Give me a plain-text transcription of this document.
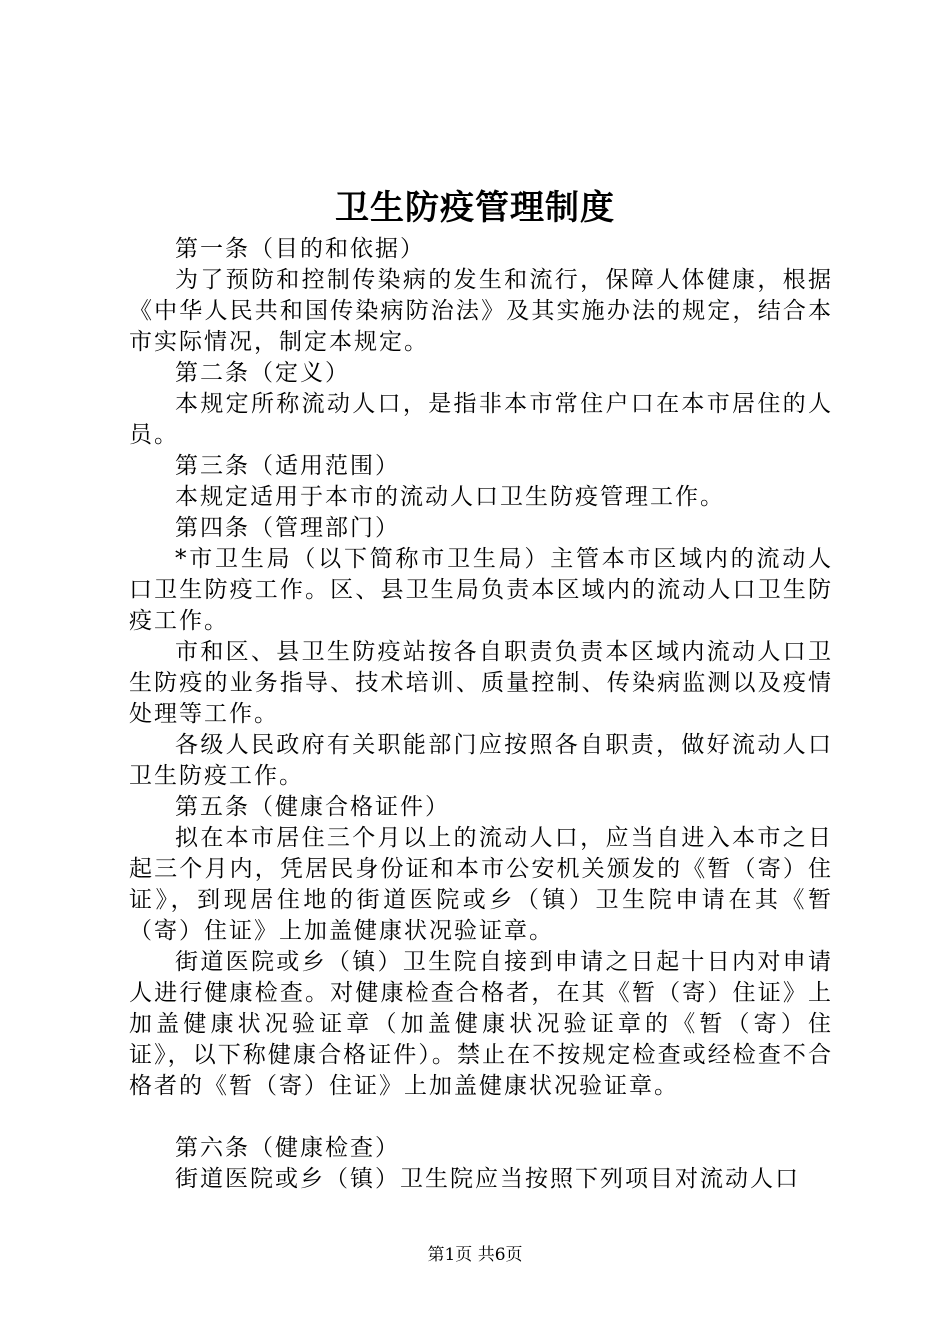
卫生防疫管理制度

第一条（目的和依据）

为了预防和控制传染病的发生和流行，保障人体健康，根据《中华人民共和国传染病防治法》及其实施办法的规定，结合本市实际情况，制定本规定。

第二条（定义）

本规定所称流动人口，是指非本市常住户口在本市居住的人员。

第三条（适用范围）

本规定适用于本市的流动人口卫生防疫管理工作。

第四条（管理部门）

*市卫生局（以下简称市卫生局）主管本市区域内的流动人口卫生防疫工作。区、县卫生局负责本区域内的流动人口卫生防疫工作。

市和区、县卫生防疫站按各自职责负责本区域内流动人口卫生防疫的业务指导、技术培训、质量控制、传染病监测以及疫情处理等工作。

各级人民政府有关职能部门应按照各自职责，做好流动人口卫生防疫工作。

第五条（健康合格证件）

拟在本市居住三个月以上的流动人口，应当自进入本市之日起三个月内，凭居民身份证和本市公安机关颁发的《暂（寄）住证》，到现居住地的街道医院或乡（镇）卫生院申请在其《暂（寄）住证》上加盖健康状况验证章。

街道医院或乡（镇）卫生院自接到申请之日起十日内对申请人进行健康检查。对健康检查合格者，在其《暂（寄）住证》上加盖健康状况验证章（加盖健康状况验证章的《暂（寄）住证》，以下称健康合格证件）。禁止在不按规定检查或经检查不合格者的《暂（寄）住证》上加盖健康状况验证章。

第六条（健康检查）

街道医院或乡（镇）卫生院应当按照下列项目对流动人口

第1页 共6页
